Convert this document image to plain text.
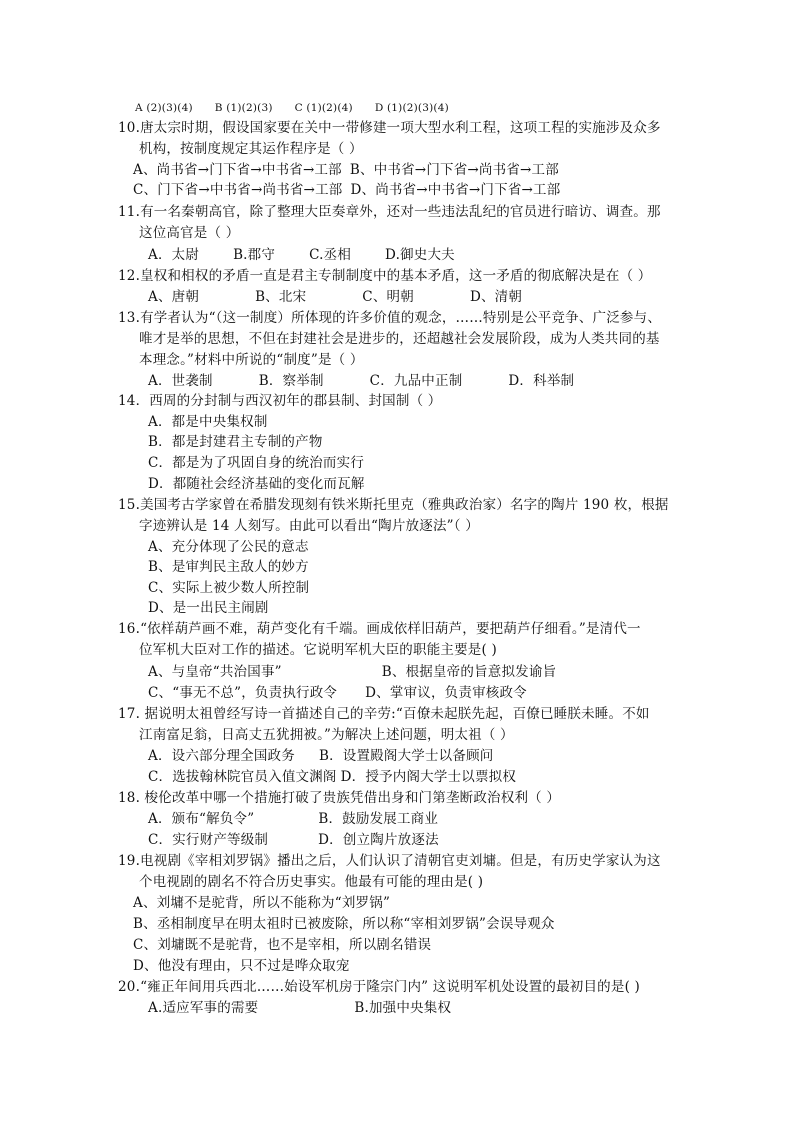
A (2)(3)(4) B (1)(2)(3) C (1)(2)(4) D (1)(2)(3)(4)
10.唐太宗时期，假设国家要在关中一带修建一项大型水利工程，这项工程的实施涉及众多
机构，按制度规定其运作程序是（ ）
A、尚书省→门下省→中书省→工部 B、中书省→门下省→尚书省→工部
C、门下省→中书省→尚书省→工部 D、尚书省→中书省→门下省→工部
11.有一名秦朝高官，除了整理大臣奏章外，还对一些违法乱纪的官员进行暗访、调查。那
这位高官是（ ）
A．太尉	B.郡守	C.丞相	D.御史大夫
12.皇权和相权的矛盾一直是君主专制制度中的基本矛盾，这一矛盾的彻底解决是在（ ）
A、唐朝	B、北宋	C、明朝	D、清朝
13.有学者认为“（这一制度）所体现的许多价值的观念，……特别是公平竞争、广泛参与、
唯才是举的思想，不但在封建社会是进步的，还超越社会发展阶段，成为人类共同的基
本理念。”材料中所说的“制度”是（ ）
A．世袭制	B．察举制	C．九品中正制	D．科举制
14．西周的分封制与西汉初年的郡县制、封国制（ ）
A．都是中央集权制
B．都是封建君主专制的产物
C．都是为了巩固自身的统治而实行
D．都随社会经济基础的变化而瓦解
15.美国考古学家曾在希腊发现刻有铁米斯托里克（雅典政治家）名字的陶片 190 枚，根据
字迹辨认是 14 人刻写。由此可以看出“陶片放逐法”（ ）
A、充分体现了公民的意志
B、是审判民主敌人的妙方
C、实际上被少数人所控制
D、是一出民主闹剧
16.“依样葫芦画不难，葫芦变化有千端。画成依样旧葫芦，要把葫芦仔细看。”是清代一
位军机大臣对工作的描述。它说明军机大臣的职能主要是( )
A、与皇帝“共治国事”	B、根据皇帝的旨意拟发谕旨
C、“事无不总”，负责执行政令 D、掌审议，负责审核政令
17. 据说明太祖曾经写诗一首描述自己的辛劳:“百僚未起朕先起，百僚已睡朕未睡。不如
江南富足翁，日高丈五犹拥被。”为解决上述问题，明太祖（ ）
A．设六部分理全国政务 B．设置殿阁大学士以备顾问
C．选拔翰林院官员入值文渊阁 D．授予内阁大学士以票拟权
18. 梭伦改革中哪一个措施打破了贵族凭借出身和门第垄断政治权利（ ）
A．颁布“解负令”	B．鼓励发展工商业
C．实行财产等级制	D．创立陶片放逐法
19.电视剧《宰相刘罗锅》播出之后，人们认识了清朝官吏刘墉。但是，有历史学家认为这
个电视剧的剧名不符合历史事实。他最有可能的理由是( )
A、刘墉不是驼背，所以不能称为“刘罗锅”
B、丞相制度早在明太祖时已被废除，所以称“宰相刘罗锅”会误导观众
C、刘墉既不是驼背，也不是宰相，所以剧名错误
D、他没有理由，只不过是哗众取宠
20.“雍正年间用兵西北……始设军机房于隆宗门内” 这说明军机处设置的最初目的是( )
A.适应军事的需要	B.加强中央集权
